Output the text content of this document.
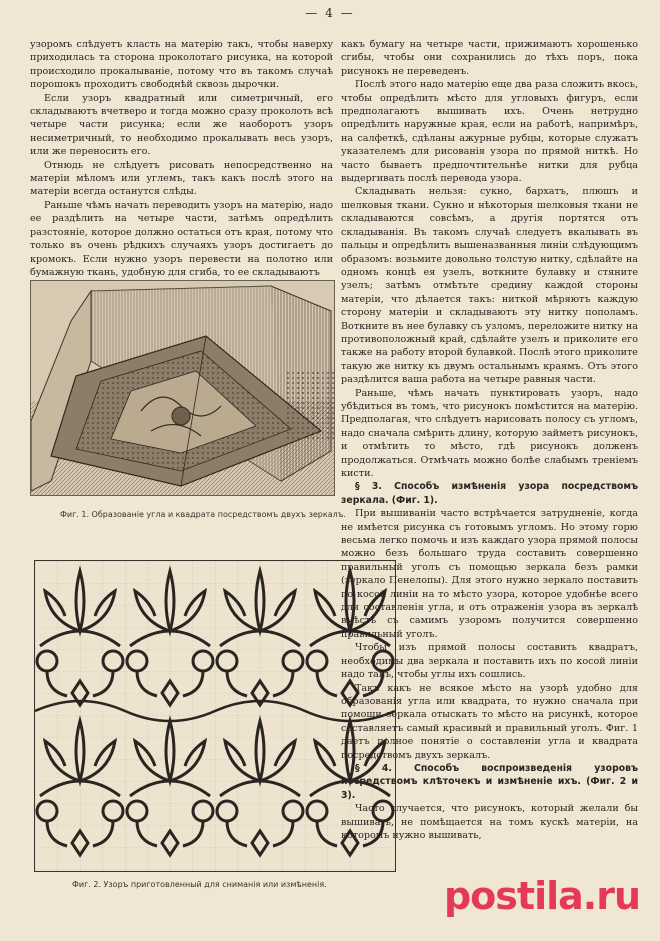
— 4 —

узоромъ слѣдуетъ класть на матерію такъ, чтобы наверху приходилась та сторона проколотаго рисунка, на которой происходило прокалываніе, потому что въ такомъ случаѣ порошокъ проходитъ свободнѣй сквозь дырочки.

Если узоръ квадратный или симетричный, его складываютъ вчетверо и тогда можно сразу проколоть всѣ четыре части рисунка; если же наоборотъ узоръ несиметричный, то необходимо прокалывать весь узоръ, или же переносить его.

Отнюдь не слѣдуетъ рисовать непосредственно на матеріи мѣломъ или углемъ, такъ какъ послѣ этого на матеріи всегда останутся слѣды.

Раньше чѣмъ начать переводить узоръ на матерію, надо ее раздѣлить на четыре части, затѣмъ опредѣлить разстояніе, которое должно остаться отъ края, потому что только въ очень рѣдкихъ случаяхъ узоръ достигаетъ до кромокъ. Если нужно узоръ перевести на полотно или бумажную ткань, удобную для сгиба, то ее складываютъ

Фиг. 1. Образованіе угла и квадрата посредствомъ двухъ зеркалъ.
Фиг. 2. Узоръ приготовленный для сниманія или измѣненія.

какъ бумагу на четыре части, прижимаютъ хорошенько сгибы, чтобы они сохранились до тѣхъ поръ, пока рисунокъ не переведенъ.

Послѣ этого надо матерію еще два раза сложить вкось, чтобы опредѣлить мѣсто для угловыхъ фигуръ, если предполагаютъ вышивать ихъ. Очень нетрудно опредѣлить наружные края, если на работѣ, напримѣръ, на салфеткѣ, сдѣланы ажурные рубцы, которые служатъ указателемъ для рисованія узора по прямой ниткѣ. Но часто бываетъ предпочтительнѣе нитки для рубца выдергивать послѣ перевода узора.

Складывать нельзя: сукно, бархатъ, плюшъ и шелковыя ткани. Сукно и нѣкоторыя шелковыя ткани не складываются совсѣмъ, а другія портятся отъ складыванія. Въ такомъ случаѣ следуетъ вкалывать въ пальцы и опредѣлить вышеназванныя линіи слѣдующимъ образомъ: возьмите довольно толстую нитку, сдѣлайте на одномъ концѣ ея узелъ, воткните булавку и стяните узелъ; затѣмъ отмѣтьте средину каждой стороны матеріи, что дѣлается такъ: ниткой мѣряютъ каждую сторону матеріи и складываютъ эту нитку пополамъ. Воткните въ нее булавку съ узломъ, переложите нитку на противоположный край, сдѣлайте узелъ и приколите его также на работу второй булавкой. Послѣ этого приколите такую же нитку къ двумъ остальнымъ краямъ. Отъ этого раздѣлится вашa работа на четыре равныя части.

Раньше, чѣмъ начать пунктировать узоръ, надо убѣдиться въ томъ, что рисунокъ помѣстится на матерію. Предполагая, что слѣдуетъ нарисовать полосу съ угломъ, надо сначала смѣрить длину, которую займетъ рисунокъ, и отмѣтить то мѣсто, гдѣ рисунокъ долженъ продолжаться. Отмѣчать можно болѣе слабымъ треніемъ кисти.

§ 3. Способъ измѣненія узора посредствомъ зеркала. (Фиг. 1).

При вышиваніи часто встрѣчается затрудненіе, когда не имѣется рисунка съ готовымъ угломъ. Но этому горю весьма легко помочь и изъ каждаго узора прямой полосы можно безъ большаго труда составить совершенно правильный уголъ съ помощью зеркала безъ рамки (зеркало Пенелопы). Для этого нужно зеркало поставить по косой линіи на то мѣсто узора, которое удобнѣе всего для составленія угла, и отъ отраженія узора въ зеркалѣ вмѣстѣ съ самимъ узоромъ получится совершенно правильный уголъ.

Чтобы изъ прямой полосы составить квадратъ, необходимы два зеркала и поставить ихъ по косой линіи надо такъ, чтобы углы ихъ сошлись.

Такъ какъ не всякое мѣсто на узорѣ удобно для образованія угла или квадрата, то нужно сначала при помощи зеркала отыскать то мѣсто на рисункѣ, которое составляетъ самый красивый и правильный уголъ. Фиг. 1 даетъ полное понятіе о составленіи угла и квадрата посредствомъ двухъ зеркалъ.

§ 4. Способъ воспроизведенія узоровъ посредствомъ клѣточекъ и измѣненіе ихъ. (Фиг. 2 и 3).

Часто случается, что рисунокъ, который желали бы вышивать, не помѣщается на томъ кускѣ матеріи, на которомъ нужно вышивать,

postila.ru
